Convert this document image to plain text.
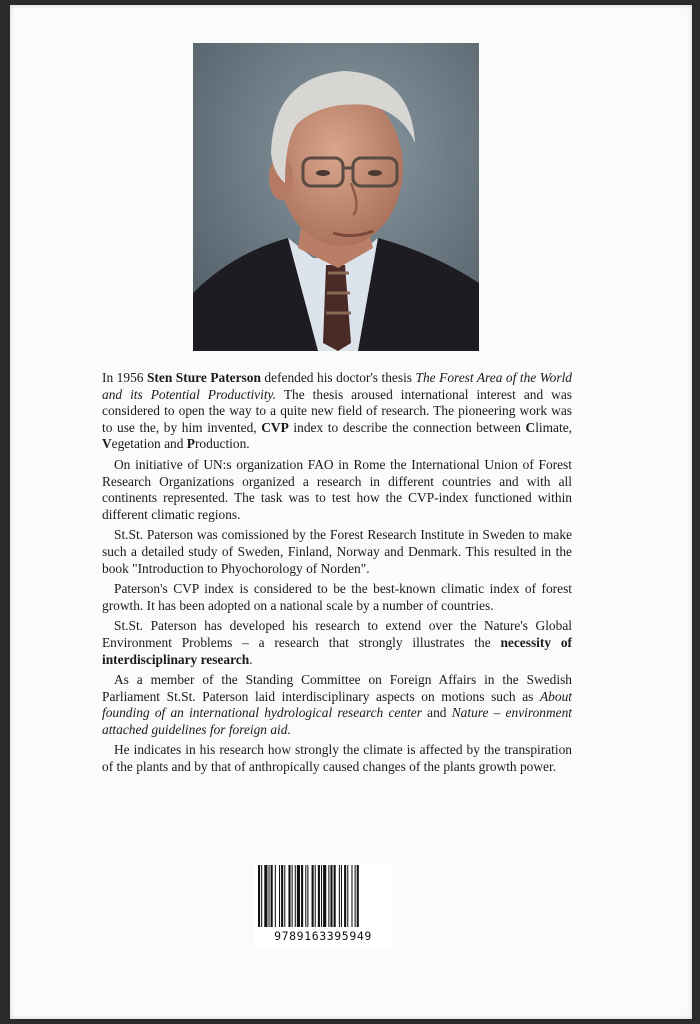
In 1956 Sten Sture Paterson defended his doctor's thesis The Forest Area of the World and its Potential Productivity. The thesis aroused international interest and was considered to open the way to a quite new field of research. The pioneering work was to use the, by him invented, CVP index to describe the connection between Climate, Vegetation and Production.

On initiative of UN:s organization FAO in Rome the International Union of Forest Research Organizations organized a research in different countries and with all continents represented. The task was to test how the CVP-index functioned within different climatic regions.

St.St. Paterson was comissioned by the Forest Research Institute in Sweden to make such a detailed study of Sweden, Finland, Norway and Denmark. This resulted in the book "Introduction to Phyochorology of Norden".

Paterson's CVP index is considered to be the best-known climatic index of forest growth. It has been adopted on a national scale by a number of countries.

St.St. Paterson has developed his research to extend over the Nature's Global Environment Problems – a research that strongly illustrates the necessity of interdisciplinary research.

As a member of the Standing Committee on Foreign Affairs in the Swedish Parliament St.St. Paterson laid interdisciplinary aspects on motions such as About founding of an international hydrological research center and Nature – environment attached guidelines for foreign aid.

He indicates in his research how strongly the climate is affected by the transpiration of the plants and by that of anthropically caused changes of the plants growth power.

9789163395949
